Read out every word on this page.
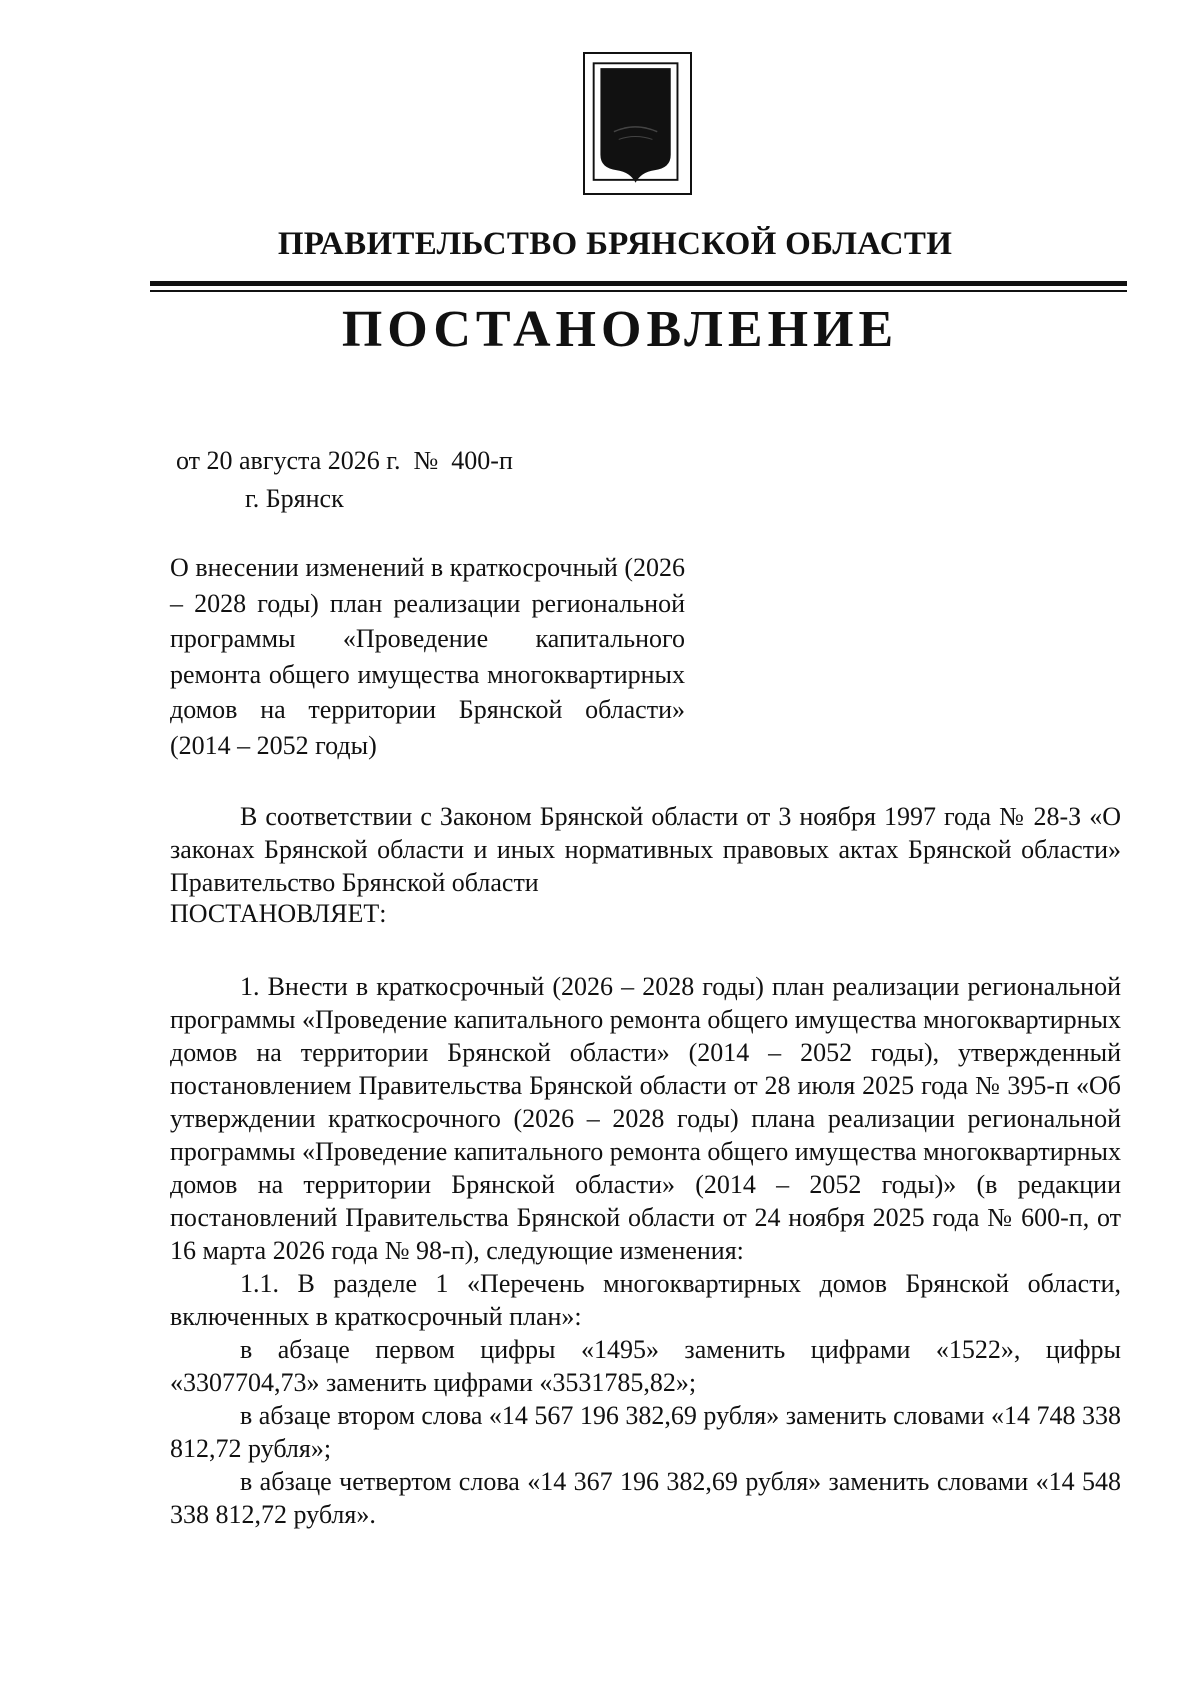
ПРАВИТЕЛЬСТВО БРЯНСКОЙ ОБЛАСТИ
ПОСТАНОВЛЕНИЕ
от 20 августа 2026 г.  №  400-п
г. Брянск
О внесении изменений в краткосрочный (2026 – 2028 годы) план реализации региональной программы «Проведение капитального ремонта общего имущества многоквартирных домов на территории Брянской области» (2014 – 2052 годы)

В соответствии с Законом Брянской области от 3 ноября 1997 года № 28-З «О законах Брянской области и иных нормативных правовых актах Брянской области» Правительство Брянской области

ПОСТАНОВЛЯЕТ:

1. Внести в краткосрочный (2026 – 2028 годы) план реализации региональной программы «Проведение капитального ремонта общего имущества многоквартирных домов на территории Брянской области» (2014 – 2052 годы), утвержденный постановлением Правительства Брянской области от 28 июля 2025 года № 395-п «Об утверждении краткосрочного (2026 – 2028 годы) плана реализации региональной программы «Проведение капитального ремонта общего имущества многоквартирных домов на территории Брянской области» (2014 – 2052 годы)» (в редакции постановлений Правительства Брянской области от 24 ноября 2025 года № 600-п, от 16 марта 2026 года № 98-п), следующие изменения:

1.1. В разделе 1 «Перечень многоквартирных домов Брянской области, включенных в краткосрочный план»:

в абзаце первом цифры «1495» заменить цифрами «1522», цифры «3307704,73» заменить цифрами «3531785,82»;

в абзаце втором слова «14 567 196 382,69 рубля» заменить словами «14 748 338 812,72 рубля»;

в абзаце четвертом слова «14 367 196 382,69 рубля» заменить словами «14 548 338 812,72 рубля».
